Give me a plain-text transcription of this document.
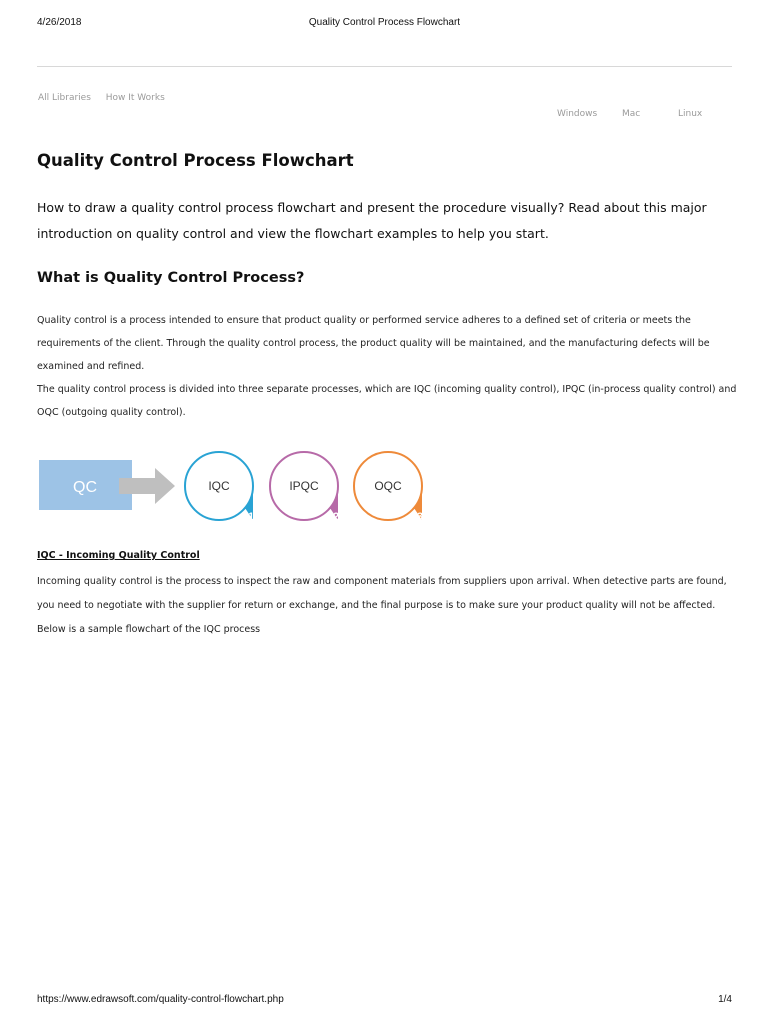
4/26/2018	Quality Control Process Flowchart
All Libraries How It Works
Windows	Mac	Linux
Quality Control Process Flowchart

How to draw a quality control process flowchart and present the procedure visually? Read about this major introduction on quality control and view the flowchart examples to help you start.

What is Quality Control Process?

Quality control is a process intended to ensure that product quality or performed service adheres to a defined set of criteria or meets the requirements of the client. Through the quality control process, the product quality will be maintained, and the manufacturing defects will be examined and refined.

The quality control process is divided into three separate processes, which are IQC (incoming quality control), IPQC (in-process quality control) and OQC (outgoing quality control).

QC	IQC
1
IPQC
2
OQC
3
IQC - Incoming Quality Control

Incoming quality control is the process to inspect the raw and component materials from suppliers upon arrival. When detective parts are found, you need to negotiate with the supplier for return or exchange, and the final purpose is to make sure your product quality will not be affected. Below is a sample flowchart of the IQC process

https://www.edrawsoft.com/quality-control-flowchart.php	1/4
